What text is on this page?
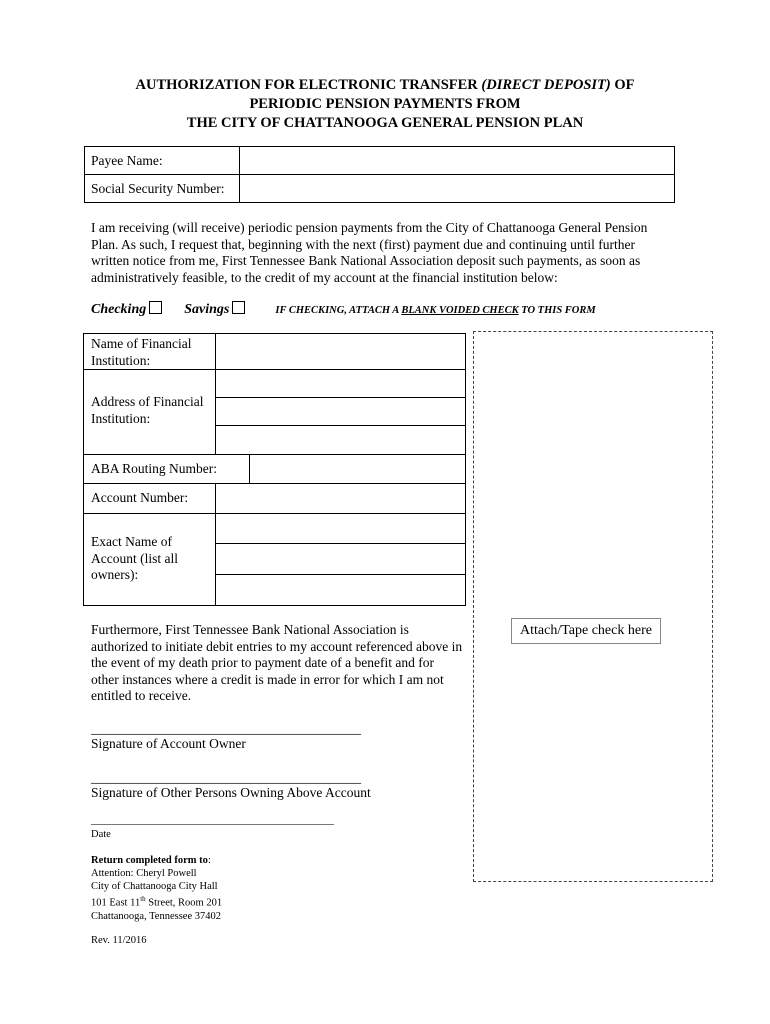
AUTHORIZATION FOR ELECTRONIC TRANSFER (DIRECT DEPOSIT) OF
PERIODIC PENSION PAYMENTS FROM
THE CITY OF CHATTANOOGA GENERAL PENSION PLAN
Payee Name:	
Social Security Number:	
I am receiving (will receive) periodic pension payments from the City of Chattanooga General Pension Plan. As such, I request that, beginning with the next (first) payment due and continuing until further written notice from me, First Tennessee Bank National Association deposit such payments, as soon as administratively feasible, to the credit of my account at the financial institution below:
Checking	Savings	IF CHECKING, ATTACH A BLANK VOIDED CHECK TO THIS FORM
Name of Financial Institution:
Address of Financial Institution:
ABA Routing Number:
Account Number:
Exact Name of Account (list all owners):
Furthermore, First Tennessee Bank National Association is authorized to initiate debit entries to my account referenced above in the event of my death prior to payment date of a benefit and for other instances where a credit is made in error for which I am not entitled to receive.
________________________________________
Signature of Account Owner
________________________________________
Signature of Other Persons Owning Above Account
Date
Return completed form to:
Attention: Cheryl Powell
City of Chattanooga City Hall
101 East 11th Street, Room 201
Chattanooga, Tennessee 37402
Rev. 11/2016
Attach/Tape check here
